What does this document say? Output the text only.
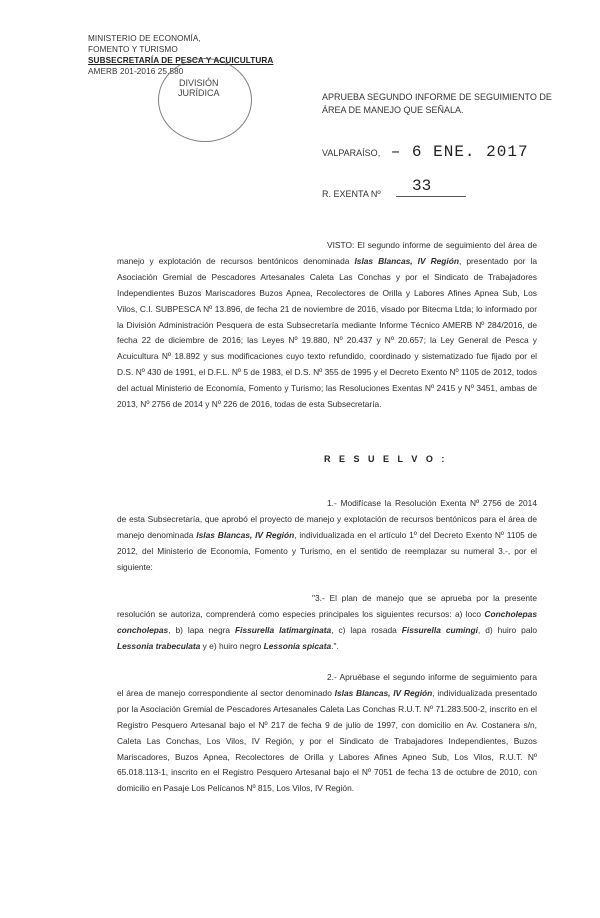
MINISTERIO DE ECONOMÍA,
FOMENTO Y TURISMO
SUBSECRETARÍA DE PESCA Y ACUICULTURA
AMERB 201-2016 25.580
DIVISIÓN
JURÍDICA	APRUEBA SEGUNDO INFORME DE SEGUIMIENTO DE
ÁREA DE MANEJO QUE SEÑALA.
VALPARAÍSO, – 6 ENE. 2017
R. EXENTA Nº 33

VISTO: El segundo informe de seguimiento del área de manejo y explotación de recursos bentónicos denominada Islas Blancas, IV Región, presentado por la Asociación Gremial de Pescadores Artesanales Caleta Las Conchas y por el Sindicato de Trabajadores Independientes Buzos Mariscadores Buzos Apnea, Recolectores de Orilla y Labores Afines Apnea Sub, Los Vilos, C.I. SUBPESCA Nº 13.896, de fecha 21 de noviembre de 2016, visado por Bitecma Ltda; lo informado por la División Administración Pesquera de esta Subsecretaría mediante Informe Técnico AMERB Nº 284/2016, de fecha 22 de diciembre de 2016; las Leyes Nº 19.880, Nº 20.437 y Nº 20.657; la Ley General de Pesca y Acuicultura Nº 18.892 y sus modificaciones cuyo texto refundido, coordinado y sistematizado fue fijado por el D.S. Nº 430 de 1991, el D.F.L. Nº 5 de 1983, el D.S. Nº 355 de 1995 y el Decreto Exento Nº 1105 de 2012, todos del actual Ministerio de Economía, Fomento y Turismo; las Resoluciones Exentas Nº 2415 y Nº 3451, ambas de 2013, Nº 2756 de 2014 y Nº 226 de 2016, todas de esta Subsecretaría.

R E S U E L V O :

1.- Modifícase la Resolución Exenta Nº 2756 de 2014 de esta Subsecretaría, que aprobó el proyecto de manejo y explotación de recursos bentónicos para el área de manejo denominada Islas Blancas, IV Región, individualizada en el artículo 1º del Decreto Exento Nº 1105 de 2012, del Ministerio de Economía, Fomento y Turismo, en el sentido de reemplazar su numeral 3.-, por el siguiente:

"3.- El plan de manejo que se aprueba por la presente resolución se autoriza, comprenderá como especies principales los siguientes recursos: a) loco Concholepas concholepas, b) lapa negra Fissurella latimarginata, c) lapa rosada Fissurella cumingi, d) huiro palo Lessonia trabeculata y e) huiro negro Lessonia spicata.".

2.- Apruébase el segundo informe de seguimiento para el área de manejo correspondiente al sector denominado Islas Blancas, IV Región, individualizada presentado por la Asociación Gremial de Pescadores Artesanales Caleta Las Conchas R.U.T. Nº 71.283.500-2, inscrito en el Registro Pesquero Artesanal bajo el Nº 217 de fecha 9 de julio de 1997, con domicilio en Av. Costanera s/n, Caleta Las Conchas, Los Vilos, IV Región, y por el Sindicato de Trabajadores Independientes, Buzos Mariscadores, Buzos Apnea, Recolectores de Orilla y Labores Afines Apneo Sub, Los Vilos, R.U.T. Nº 65.018.113-1, inscrito en el Registro Pesquero Artesanal bajo el Nº 7051 de fecha 13 de octubre de 2010, con domicilio en Pasaje Los Pelícanos Nº 815, Los Vilos, IV Región.
